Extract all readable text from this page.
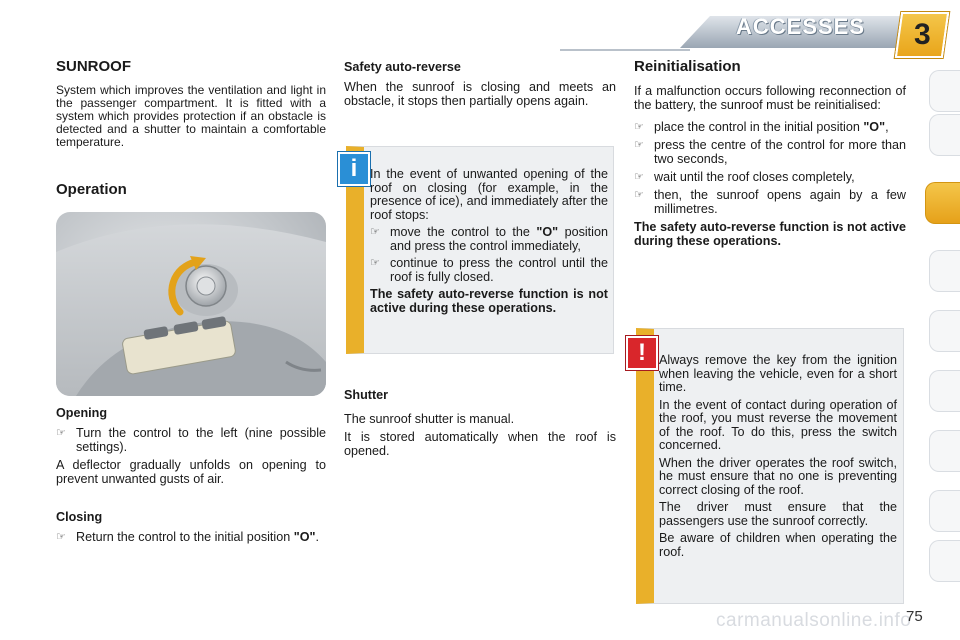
ACCESSES 3
SUNROOF

System which improves the ventilation and light in the passenger compartment. It is fitted with a system which provides protection if an obstacle is detected and a shutter to maintain a comfortable temperature.

Operation
Opening
☞ Turn the control to the left (nine possible settings).

A deflector gradually unfolds on opening to prevent unwanted gusts of air.

Closing
☞ Return the control to the initial position "O".
Safety auto-reverse

When the sunroof is closing and meets an obstacle, it stops then partially opens again.

i	In the event of unwanted opening of the roof on closing (for example, in the presence of ice), and immediately after the roof stops:

☞ move the control to the "O" position and press the control immediately,
☞ continue to press the control until the roof is fully closed.

The safety auto-reverse function is not active during these operations.

Shutter

The sunroof shutter is manual.

It is stored automatically when the roof is opened.

Reinitialisation

If a malfunction occurs following reconnection of the battery, the sunroof must be reinitialised:

☞ place the control in the initial position "O",
☞ press the centre of the control for more than two seconds,
☞ wait until the roof closes completely,
☞ then, the sunroof opens again by a few millimetres.

The safety auto-reverse function is not active during these operations.

!	Always remove the key from the ignition when leaving the vehicle, even for a short time.

In the event of contact during operation of the roof, you must reverse the movement of the roof. To do this, press the switch concerned.

When the driver operates the roof switch, he must ensure that no one is preventing correct closing of the roof.

The driver must ensure that the passengers use the sunroof correctly.

Be aware of children when operating the roof.

carmanualsonline.info
75
